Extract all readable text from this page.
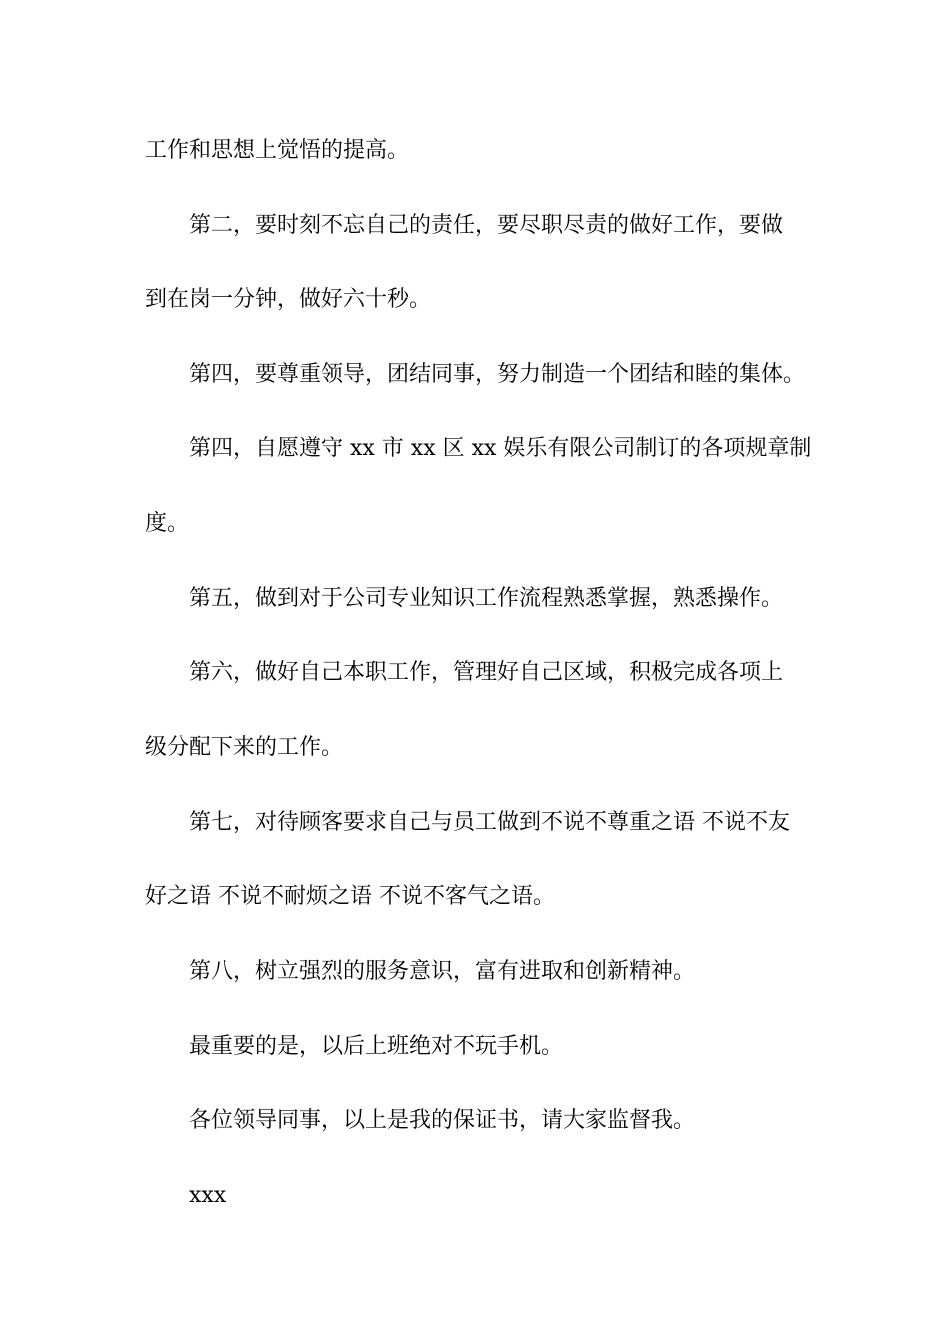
工作和思想上觉悟的提高。

第二，要时刻不忘自己的责任，要尽职尽责的做好工作，要做

到在岗一分钟，做好六十秒。

第四，要尊重领导，团结同事，努力制造一个团结和睦的集体。

第四，自愿遵守 xx 市 xx 区 xx 娱乐有限公司制订的各项规章制

度。

第五，做到对于公司专业知识工作流程熟悉掌握，熟悉操作。

第六，做好自己本职工作，管理好自己区域，积极完成各项上

级分配下来的工作。

第七，对待顾客要求自己与员工做到不说不尊重之语 不说不友

好之语 不说不耐烦之语 不说不客气之语。

第八，树立强烈的服务意识，富有进取和创新精神。

最重要的是，以后上班绝对不玩手机。

各位领导同事，以上是我的保证书，请大家监督我。

xxx
